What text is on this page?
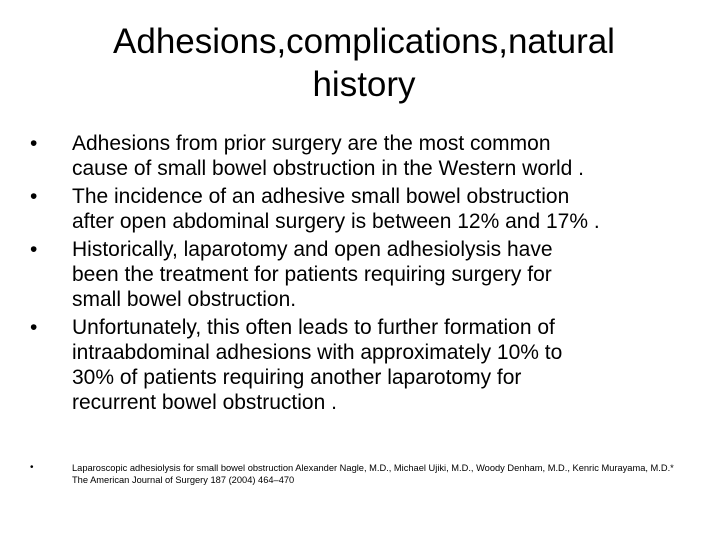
Adhesions,complications,natural
history
• Adhesions from prior surgery are the most common
cause of small bowel obstruction in the Western world .
• The incidence of an adhesive small bowel obstruction
after open abdominal surgery is between 12% and 17% .
• Historically, laparotomy and open adhesiolysis have
been the treatment for patients requiring surgery for
small bowel obstruction.
• Unfortunately, this often leads to further formation of
intraabdominal adhesions with approximately 10% to
30% of patients requiring another laparotomy for
recurrent bowel obstruction .
•	Laparoscopic adhesiolysis for small bowel obstruction Alexander Nagle, M.D., Michael Ujiki, M.D., Woody Denham, M.D., Kenric Murayama, M.D.*
The American Journal of Surgery 187 (2004) 464–470
